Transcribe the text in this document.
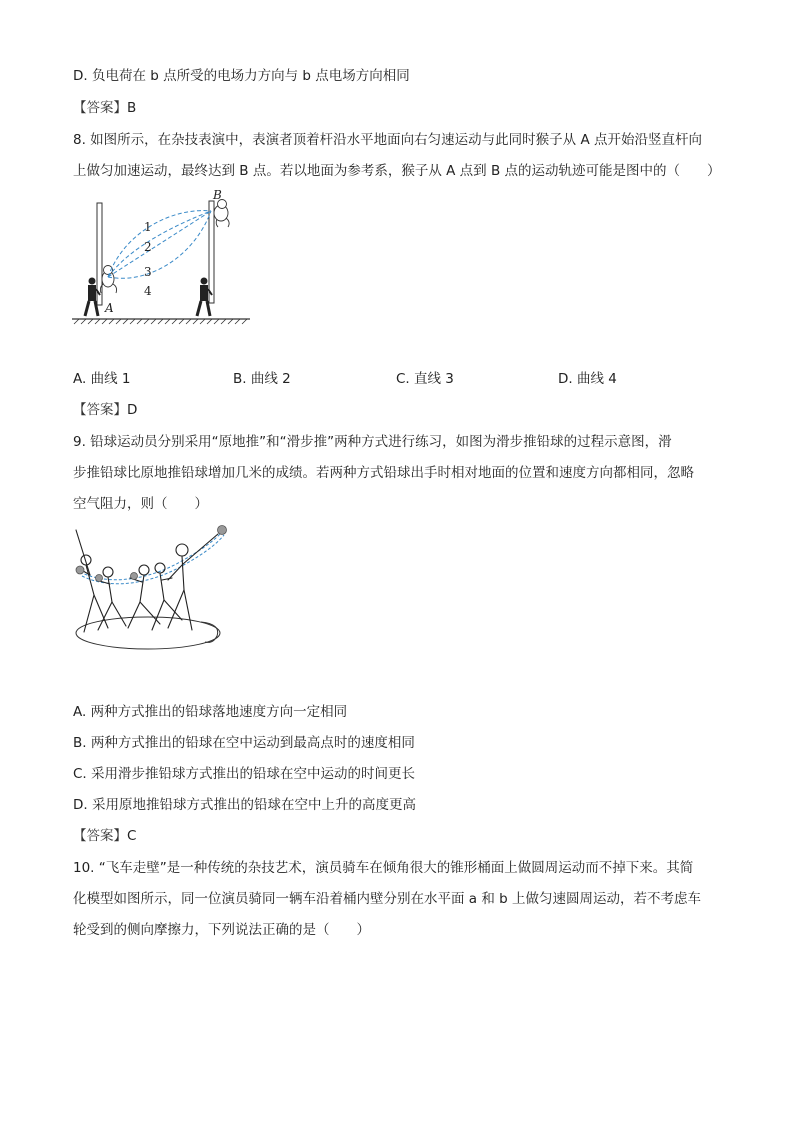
D. 负电荷在 b 点所受的电场力方向与 b 点电场方向相同
【答案】B
8. 如图所示，在杂技表演中，表演者顶着杆沿水平地面向右匀速运动与此同时猴子从 A 点开始沿竖直杆向
上做匀加速运动，最终达到 B 点。若以地面为参考系，猴子从 A 点到 B 点的运动轨迹可能是图中的（　　）
1
2
3
4
A
B
A. 曲线 1	B. 曲线 2	C. 直线 3	D. 曲线 4
【答案】D
9. 铅球运动员分别采用“原地推”和“滑步推”两种方式进行练习，如图为滑步推铅球的过程示意图，滑
步推铅球比原地推铅球增加几米的成绩。若两种方式铅球出手时相对地面的位置和速度方向都相同，忽略
空气阻力，则（　　）
A. 两种方式推出的铅球落地速度方向一定相同
B. 两种方式推出的铅球在空中运动到最高点时的速度相同
C. 采用滑步推铅球方式推出的铅球在空中运动的时间更长
D. 采用原地推铅球方式推出的铅球在空中上升的高度更高
【答案】C
10. “飞车走壁”是一种传统的杂技艺术，演员骑车在倾角很大的锥形桶面上做圆周运动而不掉下来。其简
化模型如图所示，同一位演员骑同一辆车沿着桶内壁分别在水平面 a 和 b 上做匀速圆周运动，若不考虑车
轮受到的侧向摩擦力，下列说法正确的是（　　）
